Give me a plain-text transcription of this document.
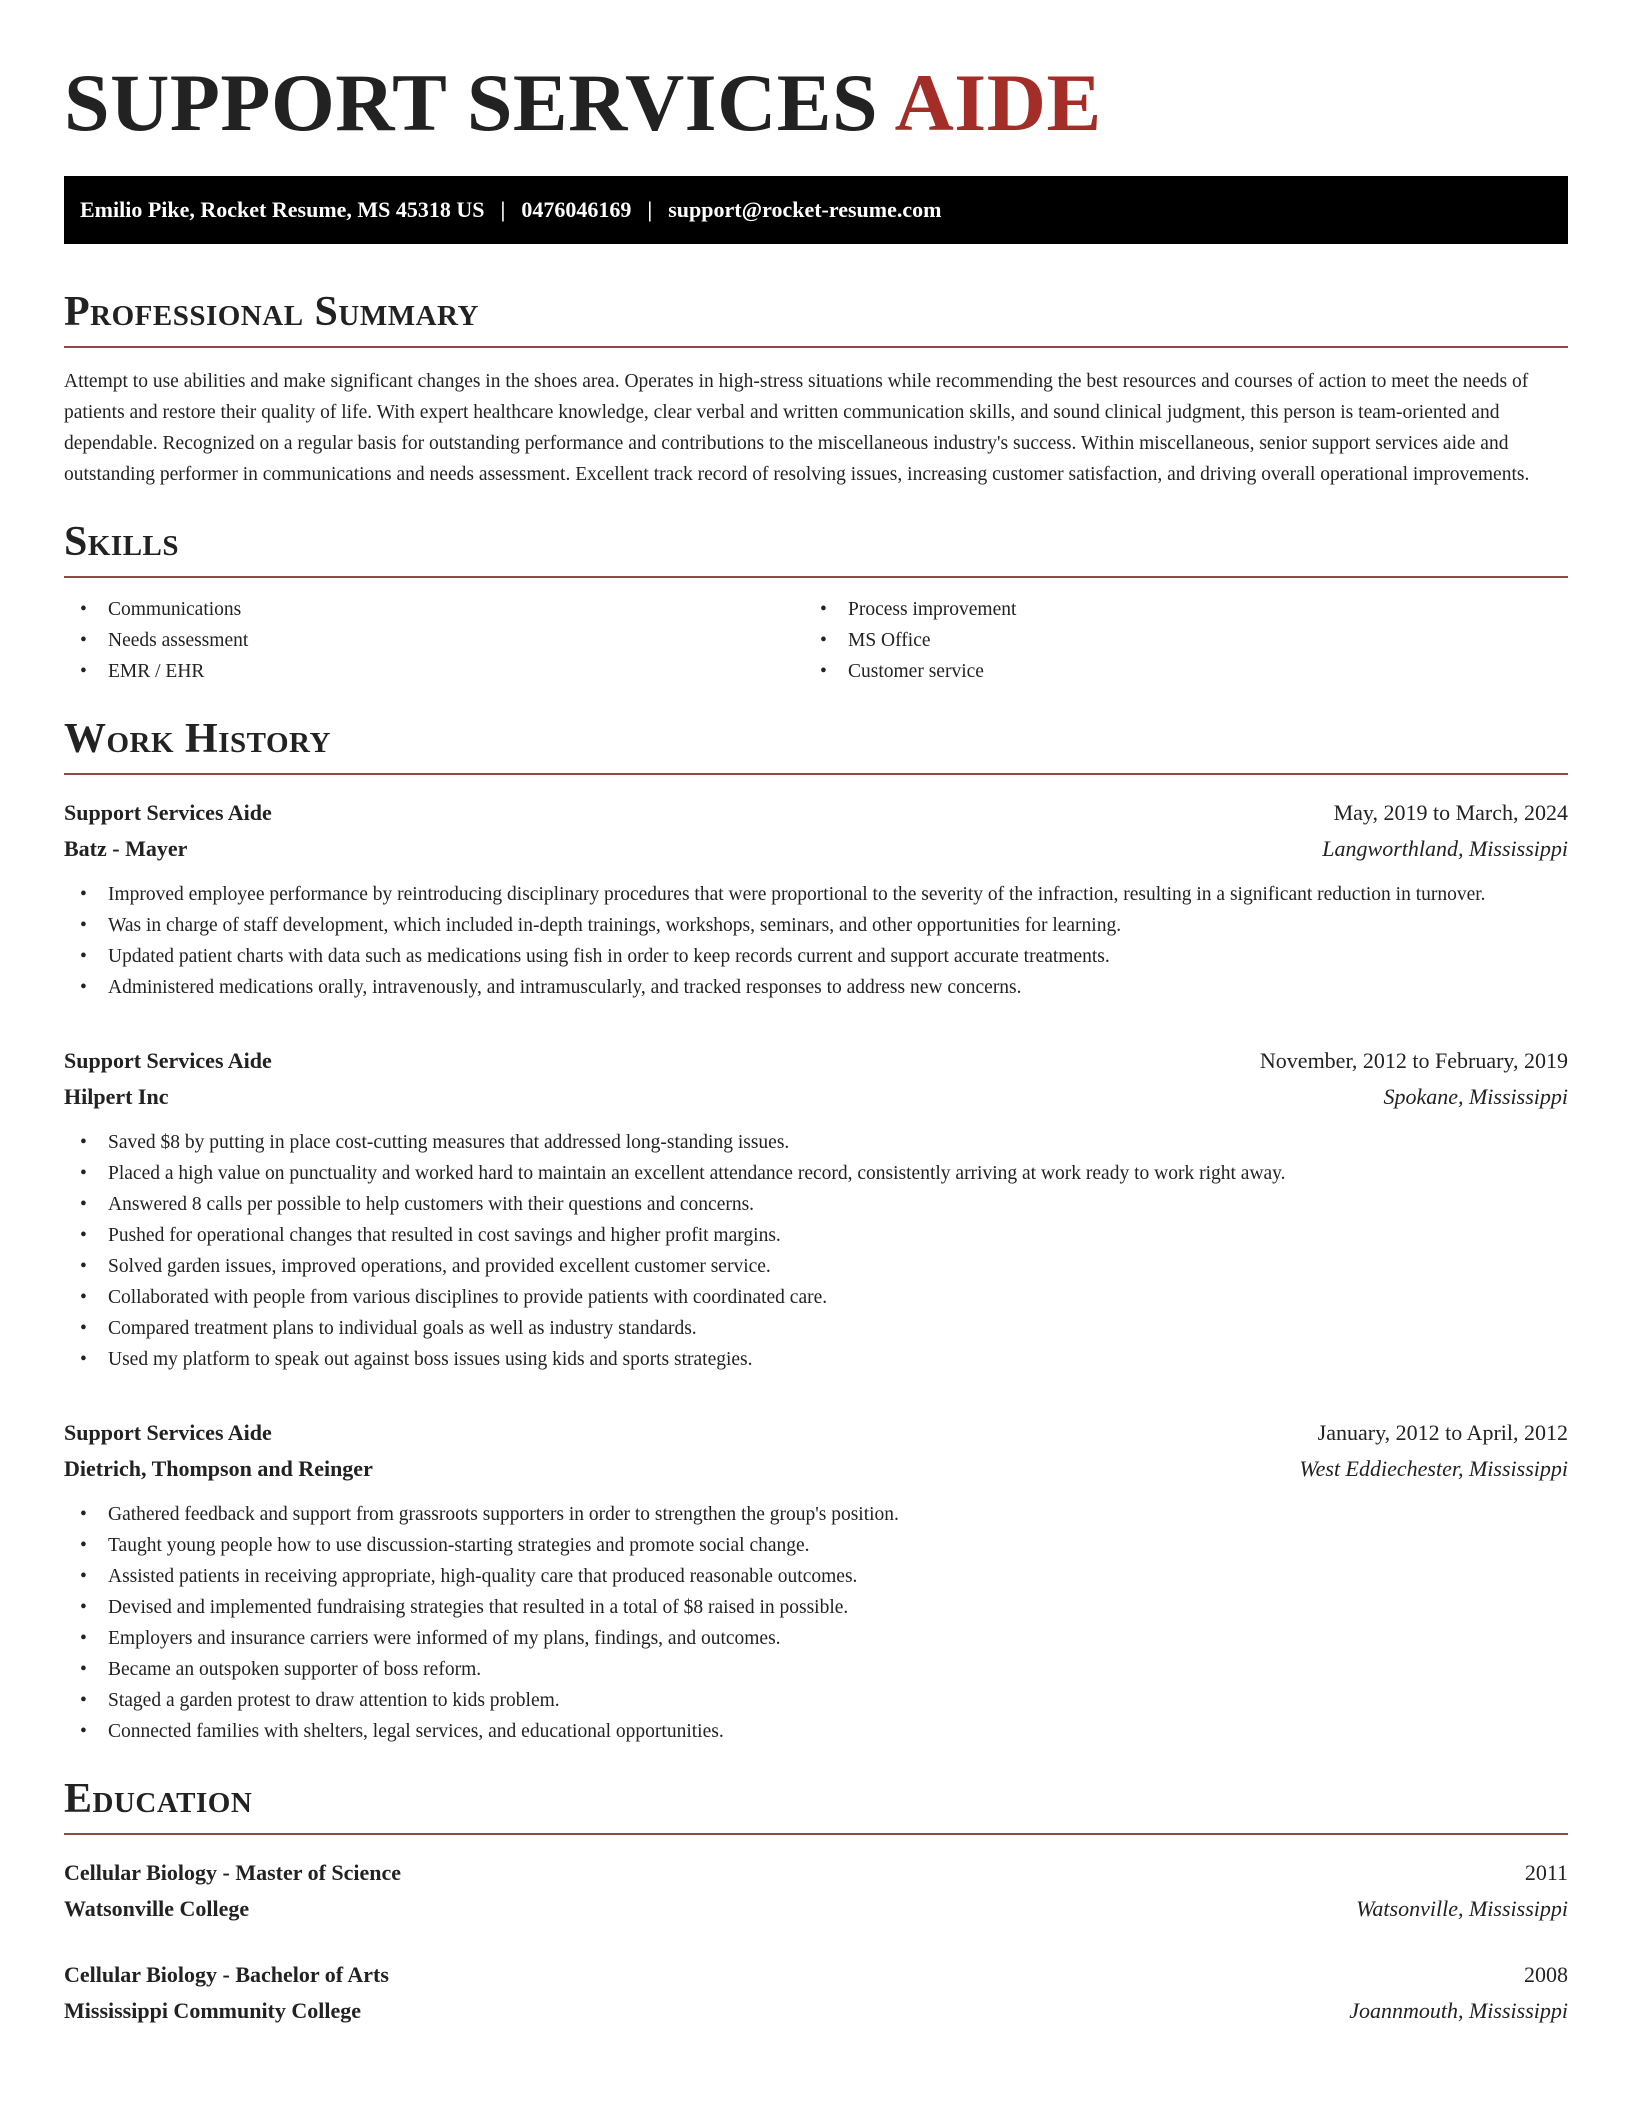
SUPPORT SERVICES AIDE
Emilio Pike, Rocket Resume, MS 45318 US | 0476046169 | support@rocket-resume.com
Professional Summary

Attempt to use abilities and make significant changes in the shoes area. Operates in high-stress situations while recommending the best resources and courses of action to meet the needs of patients and restore their quality of life. With expert healthcare knowledge, clear verbal and written communication skills, and sound clinical judgment, this person is team-oriented and dependable. Recognized on a regular basis for outstanding performance and contributions to the miscellaneous industry's success. Within miscellaneous, senior support services aide and outstanding performer in communications and needs assessment. Excellent track record of resolving issues, increasing customer satisfaction, and driving overall operational improvements.

Skills
• Communications
• Needs assessment
• EMR / EHR
• Process improvement
• MS Office
• Customer service
Work History
Support Services Aide	May, 2019 to March, 2024
Batz - Mayer	Langworthland, Mississippi
• Improved employee performance by reintroducing disciplinary procedures that were proportional to the severity of the infraction, resulting in a significant reduction in turnover.
• Was in charge of staff development, which included in-depth trainings, workshops, seminars, and other opportunities for learning.
• Updated patient charts with data such as medications using fish in order to keep records current and support accurate treatments.
• Administered medications orally, intravenously, and intramuscularly, and tracked responses to address new concerns.
Support Services Aide	November, 2012 to February, 2019
Hilpert Inc	Spokane, Mississippi
• Saved $8 by putting in place cost-cutting measures that addressed long-standing issues.
• Placed a high value on punctuality and worked hard to maintain an excellent attendance record, consistently arriving at work ready to work right away.
• Answered 8 calls per possible to help customers with their questions and concerns.
• Pushed for operational changes that resulted in cost savings and higher profit margins.
• Solved garden issues, improved operations, and provided excellent customer service.
• Collaborated with people from various disciplines to provide patients with coordinated care.
• Compared treatment plans to individual goals as well as industry standards.
• Used my platform to speak out against boss issues using kids and sports strategies.
Support Services Aide	January, 2012 to April, 2012
Dietrich, Thompson and Reinger	West Eddiechester, Mississippi
• Gathered feedback and support from grassroots supporters in order to strengthen the group's position.
• Taught young people how to use discussion-starting strategies and promote social change.
• Assisted patients in receiving appropriate, high-quality care that produced reasonable outcomes.
• Devised and implemented fundraising strategies that resulted in a total of $8 raised in possible.
• Employers and insurance carriers were informed of my plans, findings, and outcomes.
• Became an outspoken supporter of boss reform.
• Staged a garden protest to draw attention to kids problem.
• Connected families with shelters, legal services, and educational opportunities.
Education
Cellular Biology - Master of Science	2011
Watsonville College	Watsonville, Mississippi
Cellular Biology - Bachelor of Arts	2008
Mississippi Community College	Joannmouth, Mississippi
